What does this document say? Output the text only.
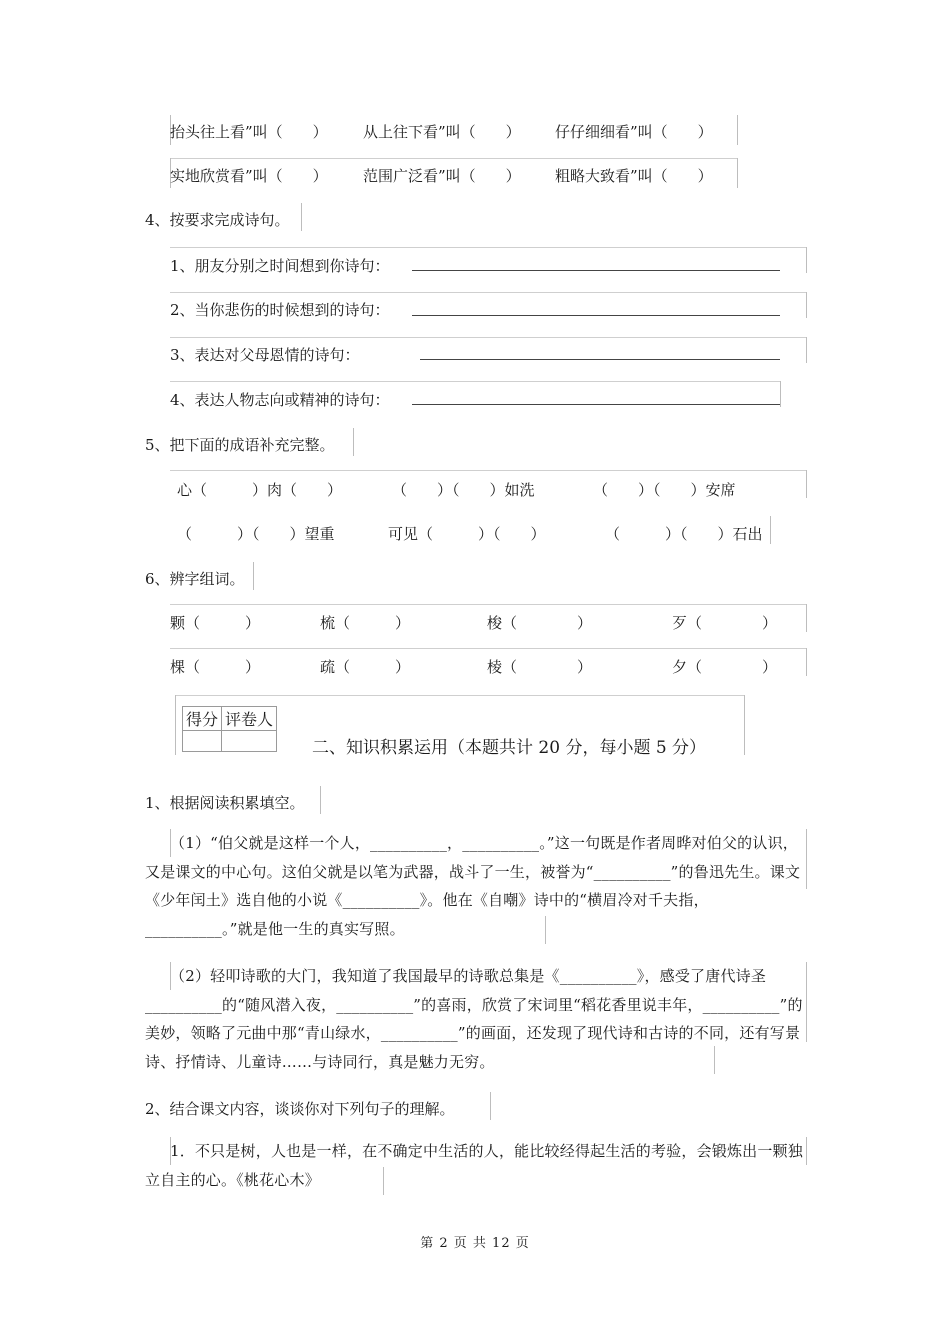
抬头往上看”叫（　　） 从上往下看”叫（　　） 仔仔细细看”叫（　　）
实地欣赏看”叫（　　） 范围广泛看”叫（　　） 粗略大致看”叫（　　）
4、按要求完成诗句。
1、朋友分别之时间想到你诗句：
2、当你悲伤的时候想到的诗句：
3、表达对父母恩情的诗句：
4、表达人物志向或精神的诗句：
5、把下面的成语补充完整。
心（　　　）肉（　　）	（　　）（　　）如洗	（　　）（　　）安席
（　　　）（　　）望重	可见（　　　）（　　）	（　　　）（　　）石出
6、辨字组词。
颗（　　　）	梳（　　　）	梭（　　　　）	歹（　　　　）
棵（　　　）	疏（　　　）	棱（　　　　）	夕（　　　　）
得分	评卷人

二、知识积累运用（本题共计 20 分，每小题 5 分）
1、根据阅读积累填空。
（1）“伯父就是这样一个人，__________，__________。”这一句既是作者周晔对伯父的认识，又是课文的中心句。这伯父就是以笔为武器，战斗了一生，被誉为“__________”的鲁迅先生。课文《少年闰土》选自他的小说《__________》。他在《自嘲》诗中的“横眉冷对千夫指，__________。”就是他一生的真实写照。
（2）轻叩诗歌的大门，我知道了我国最早的诗歌总集是《__________》，感受了唐代诗圣__________的“随风潜入夜，__________”的喜雨，欣赏了宋词里“稻花香里说丰年，__________”的美妙，领略了元曲中那“青山绿水，__________”的画面，还发现了现代诗和古诗的不同，还有写景诗、抒情诗、儿童诗……与诗同行，真是魅力无穷。
2、结合课文内容，谈谈你对下列句子的理解。
1．不只是树，人也是一样，在不确定中生活的人，能比较经得起生活的考验，会锻炼出一颗独立自主的心。《桃花心木》
第 2 页 共 12 页
